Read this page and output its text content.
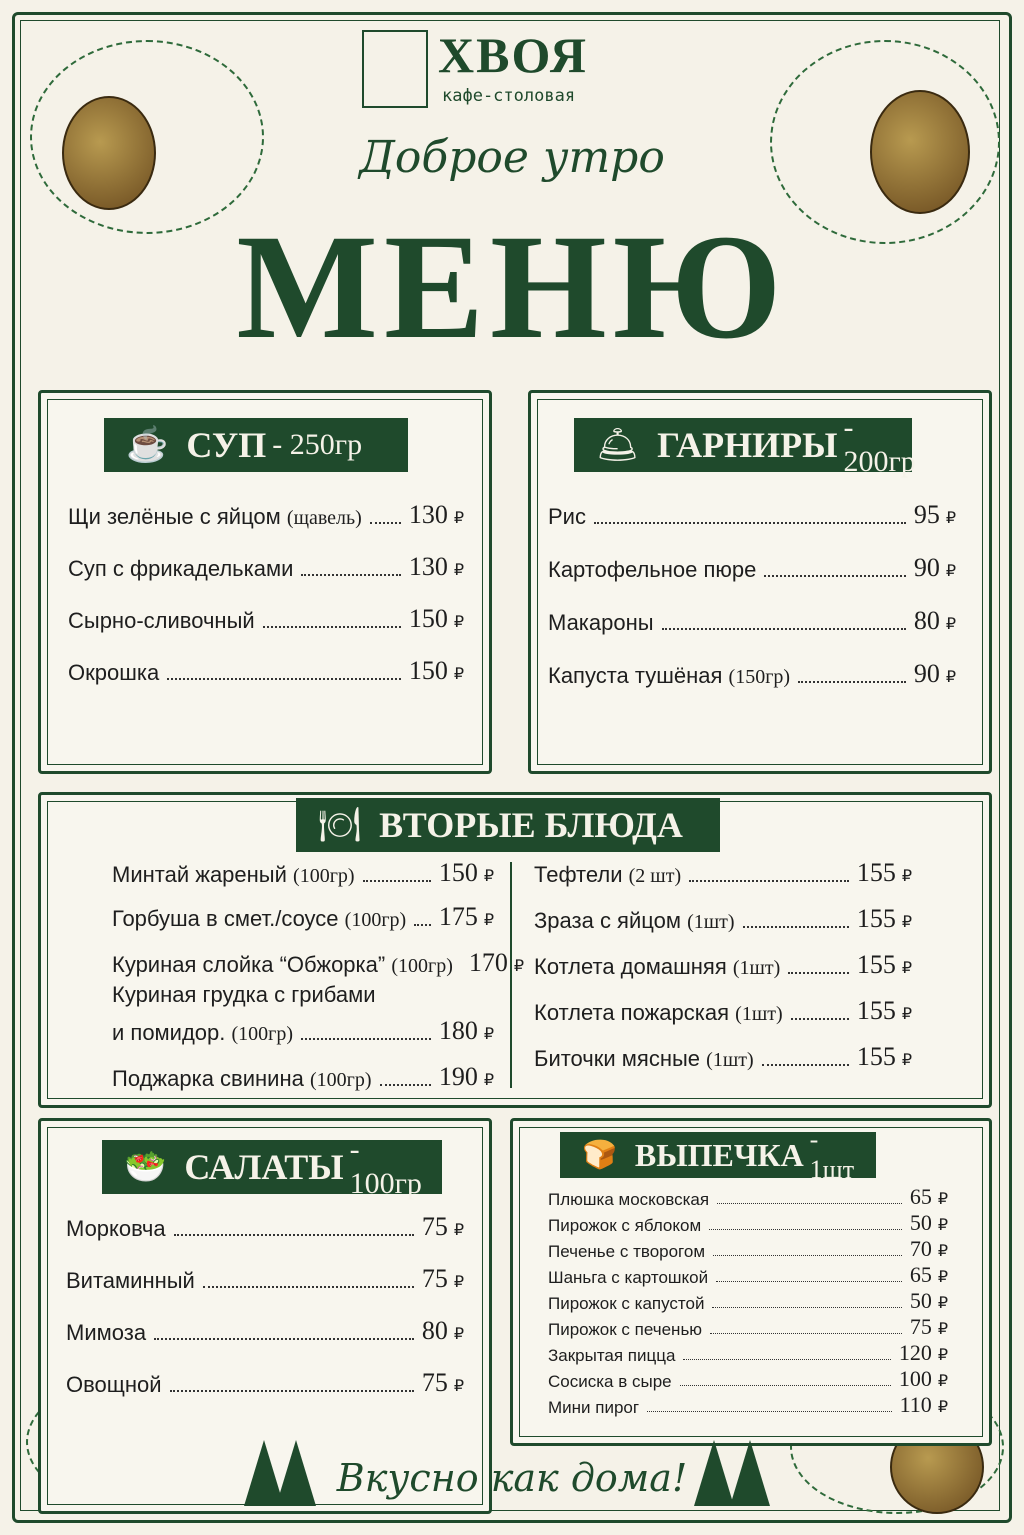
ХВОЯ
кафе-столовая
Доброе утро
МЕНЮ
☕ СУП - 250гр	🛎 ГАРНИРЫ - 200гр
🍽 ВТОРЫЕ БЛЮДА
🥗 САЛАТЫ - 100гр
🍞 ВЫПЕЧКА - 1шт
Вкусно как дома!
Щи зелёные с яйцом (щавель) 130 ₽
Суп с фрикадельками	130 ₽
Сырно-сливочный	150 ₽
Окрошка	150 ₽
Рис	95 ₽
Картофельное пюре	90 ₽
Макароны	80 ₽
Капуста тушёная (150гр)	90 ₽
Минтай жареный (100гр)	150 ₽
Горбуша в смет./соусе (100гр) 175 ₽
Куриная слойка “Обжорка” (100гр) 170 ₽
Куриная грудка с грибами
и помидор. (100гр)	180 ₽
Поджарка свинина (100гр)	190 ₽
Тефтели (2 шт)	155 ₽
Зраза с яйцом (1шт)	155 ₽
Котлета домашняя (1шт)	155 ₽
Котлета пожарская (1шт)	155 ₽
Биточки мясные (1шт)	155 ₽
Морковча	75 ₽
Витаминный	75 ₽
Мимоза	80 ₽
Овощной	75 ₽
Плюшка московская	65 ₽
Пирожок с яблоком	50 ₽
Печенье с творогом	70 ₽
Шаньга с картошкой	65 ₽
Пирожок с капустой	50 ₽
Пирожок с печенью	75 ₽
Закрытая пицца	120 ₽
Сосиска в сыре	100 ₽
Мини пирог	110 ₽
